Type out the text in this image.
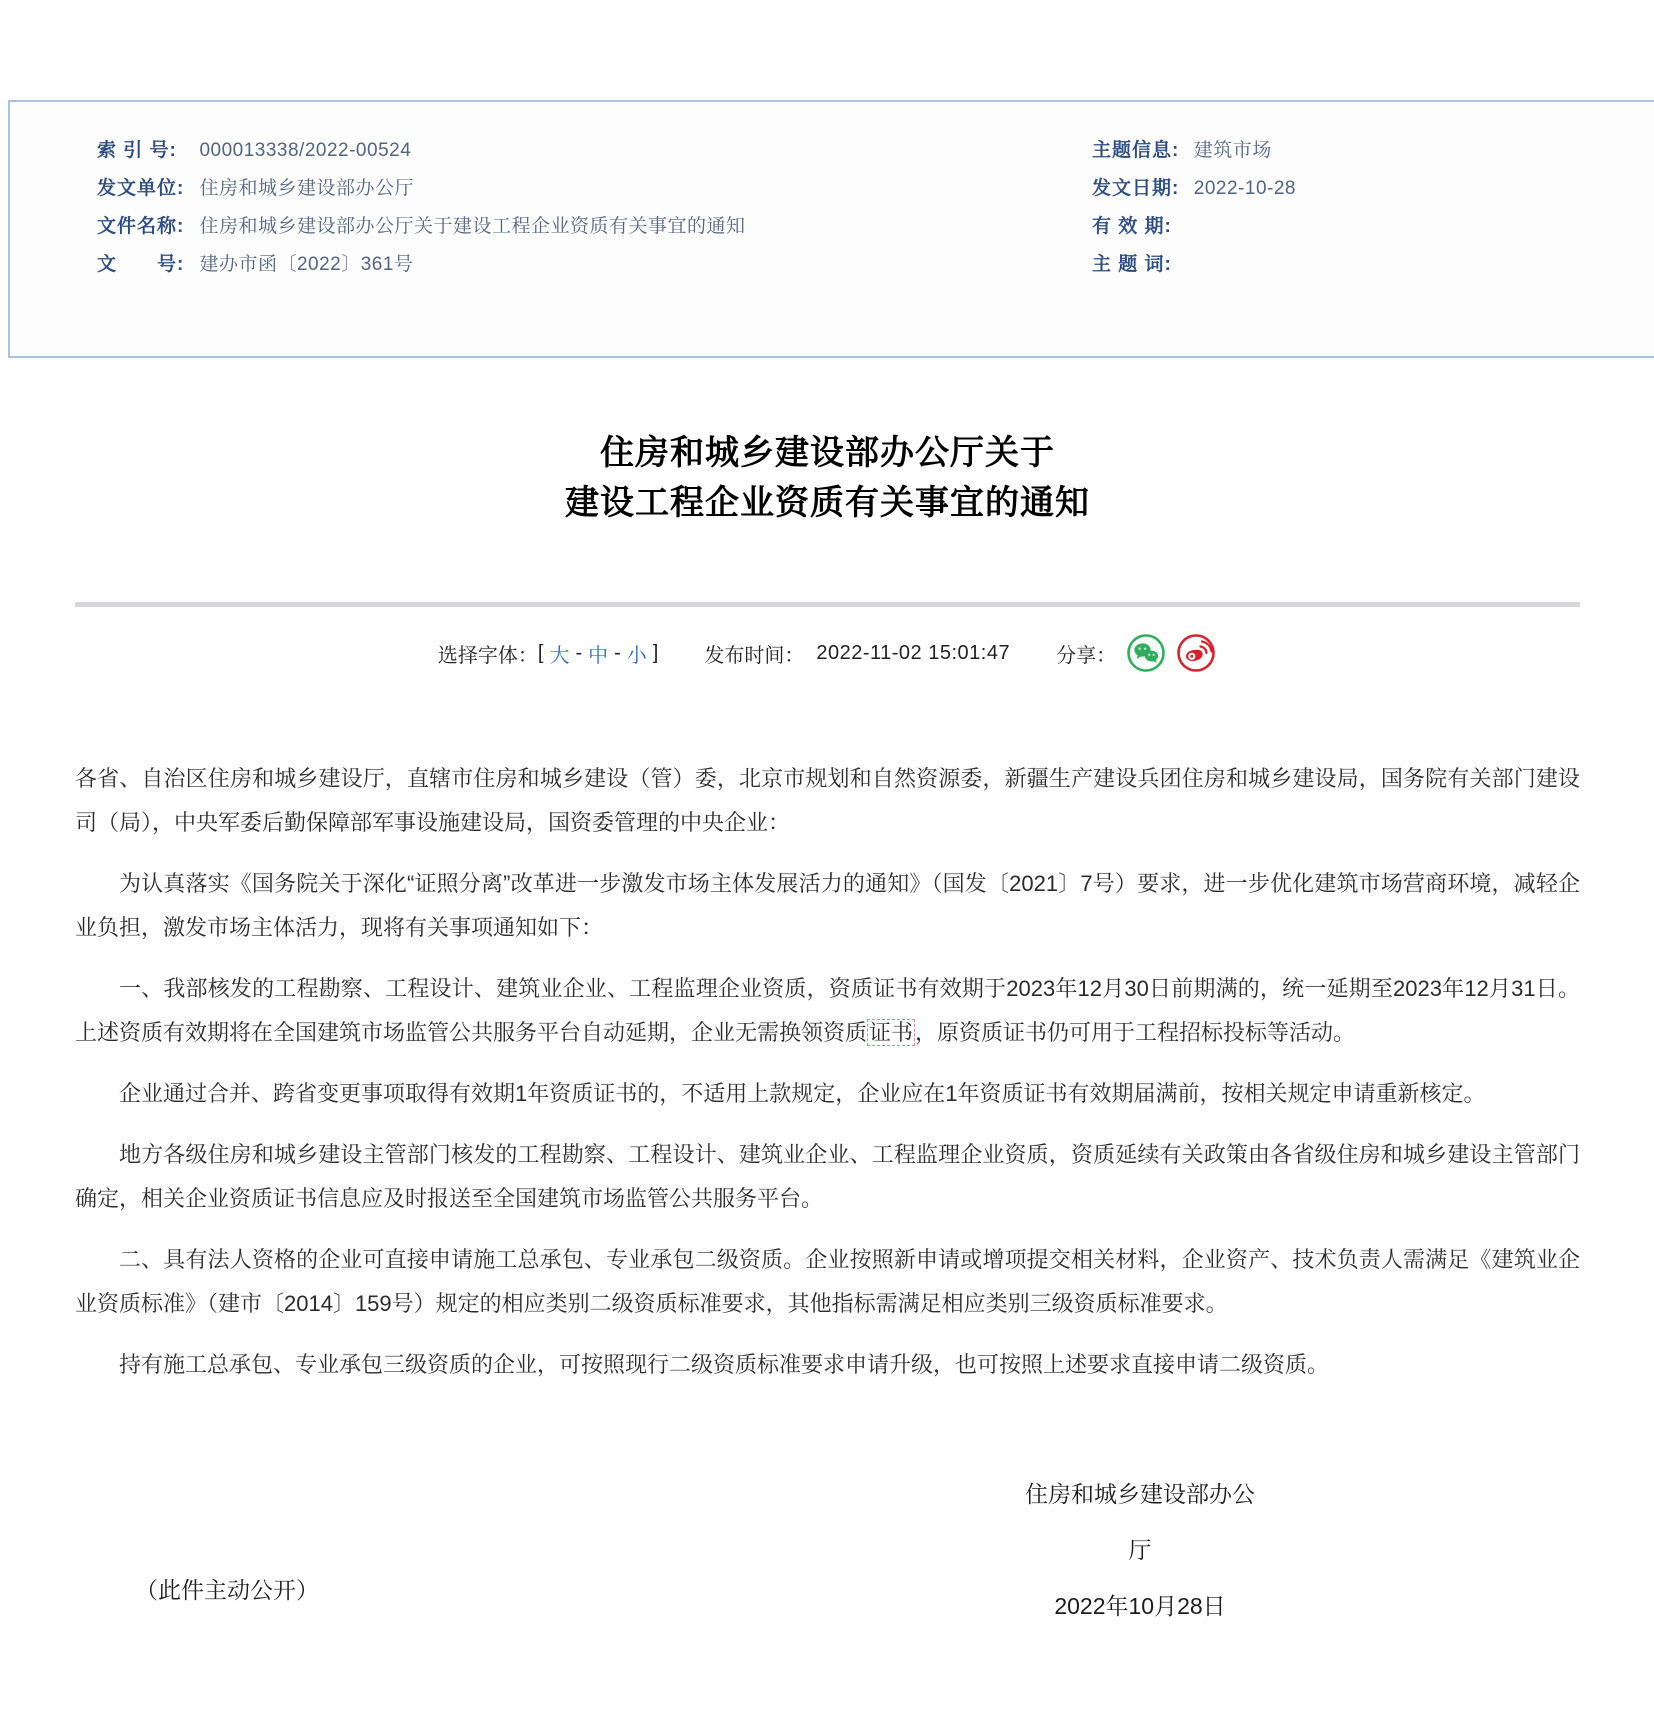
索 引 号: 000013338/2022-00524
发文单位: 住房和城乡建设部办公厅
文件名称: 住房和城乡建设部办公厅关于建设工程企业资质有关事宜的通知
文　　号: 建办市函〔2022〕361号
主题信息: 建筑市场
发文日期: 2022-10-28
有 效 期:
主 题 词:
住房和城乡建设部办公厅关于
建设工程企业资质有关事宜的通知
选择字体： [ 大 - 中 - 小 ] 发布时间： 2022-11-02 15:01:47 分享：

各省、自治区住房和城乡建设厅，直辖市住房和城乡建设（管）委，北京市规划和自然资源委，新疆生产建设兵团住房和城乡建设局，国务院有关部门建设司（局），中央军委后勤保障部军事设施建设局，国资委管理的中央企业：

为认真落实《国务院关于深化“证照分离”改革进一步激发市场主体发展活力的通知》（国发〔2021〕7号）要求，进一步优化建筑市场营商环境，减轻企业负担，激发市场主体活力，现将有关事项通知如下：

一、我部核发的工程勘察、工程设计、建筑业企业、工程监理企业资质，资质证书有效期于2023年12月30日前期满的，统一延期至2023年12月31日。上述资质有效期将在全国建筑市场监管公共服务平台自动延期，企业无需换领资质证书，原资质证书仍可用于工程招标投标等活动。

企业通过合并、跨省变更事项取得有效期1年资质证书的，不适用上款规定，企业应在1年资质证书有效期届满前，按相关规定申请重新核定。

地方各级住房和城乡建设主管部门核发的工程勘察、工程设计、建筑业企业、工程监理企业资质，资质延续有关政策由各省级住房和城乡建设主管部门确定，相关企业资质证书信息应及时报送至全国建筑市场监管公共服务平台。

二、具有法人资格的企业可直接申请施工总承包、专业承包二级资质。企业按照新申请或增项提交相关材料，企业资产、技术负责人需满足《建筑业企业资质标准》（建市〔2014〕159号）规定的相应类别二级资质标准要求，其他指标需满足相应类别三级资质标准要求。

持有施工总承包、专业承包三级资质的企业，可按照现行二级资质标准要求申请升级，也可按照上述要求直接申请二级资质。

住房和城乡建设部办公厅
2022年10月28日
（此件主动公开）
